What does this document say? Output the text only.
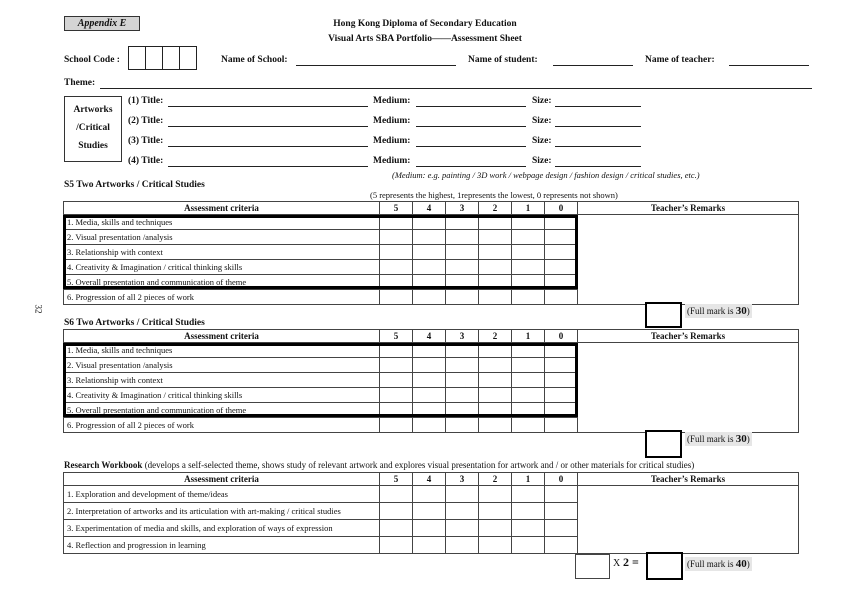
Appendix E	Hong Kong Diploma of Secondary Education
Visual Arts SBA Portfolio——Assessment Sheet
School Code :	Name of School:	Name of student:	Name of teacher:
Theme:
Artworks
/Critical
Studies
(1) Title:	Medium:	Size:
(2) Title:	Medium:	Size:
(3) Title:	Medium:	Size:
(4) Title:	Medium:	Size:
(Medium: e.g. painting / 3D work / webpage design / fashion design / critical studies, etc.)
S5 Two Artworks / Critical Studies
(5 represents the highest, 1represents the lowest, 0 represents not shown)
Assessment criteria	5	4	3	2	1	0	Teacher’s Remarks
1. Media, skills and techniques							
2. Visual presentation /analysis							
3. Relationship with context							
4. Creativity & Imagination / critical thinking skills							
5. Overall presentation and communication of theme							
6. Progression of all 2 pieces of work							
(Full mark is 30)
32
S6 Two Artworks / Critical Studies
Assessment criteria	5	4	3	2	1	0	Teacher’s Remarks
1. Media, skills and techniques							
2. Visual presentation /analysis							
3. Relationship with context							
4. Creativity & Imagination / critical thinking skills							
5. Overall presentation and communication of theme							
6. Progression of all 2 pieces of work							
(Full mark is 30)
Research Workbook (develops a self-selected theme, shows study of relevant artwork and explores visual presentation for artwork and / or other materials for critical studies)
Assessment criteria	5	4	3	2	1	0	Teacher’s Remarks
1. Exploration and development of theme/ideas							
2. Interpretation of artworks and its articulation with art-making / critical studies							
3. Experimentation of media and skills, and exploration of ways of expression							
4. Reflection and progression in learning							
X 2 =	(Full mark is 40)
